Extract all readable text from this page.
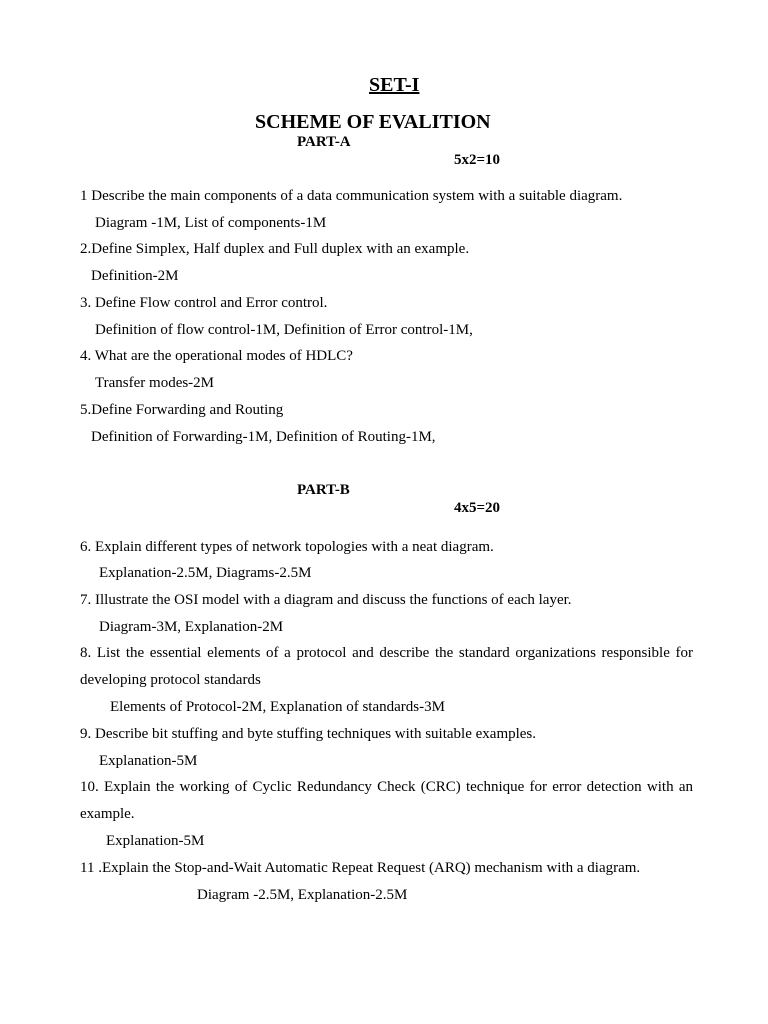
SET-I
SCHEME OF EVALITION
PART-A
5x2=10
1 Describe the main components of a data communication system with a suitable diagram.
Diagram -1M, List of components-1M
2.Define Simplex, Half duplex and Full duplex with an example.
Definition-2M
3. Define Flow control and Error control.
Definition of flow control-1M, Definition of Error control-1M,
4. What are the operational modes of HDLC?
Transfer modes-2M
5.Define Forwarding and Routing
Definition of Forwarding-1M, Definition of Routing-1M,
PART-B
4x5=20
6. Explain different types of network topologies with a neat diagram.
Explanation-2.5M, Diagrams-2.5M
7. Illustrate the OSI model with a diagram and discuss the functions of each layer.
Diagram-3M, Explanation-2M
8. List the essential elements of a protocol and describe the standard organizations responsible for
developing protocol standards
Elements of Protocol-2M, Explanation of standards-3M
9. Describe bit stuffing and byte stuffing techniques with suitable examples.
Explanation-5M
10. Explain the working of Cyclic Redundancy Check (CRC) technique for error detection with an
example.
Explanation-5M
11 .Explain the Stop-and-Wait Automatic Repeat Request (ARQ) mechanism with a diagram.
Diagram -2.5M, Explanation-2.5M
